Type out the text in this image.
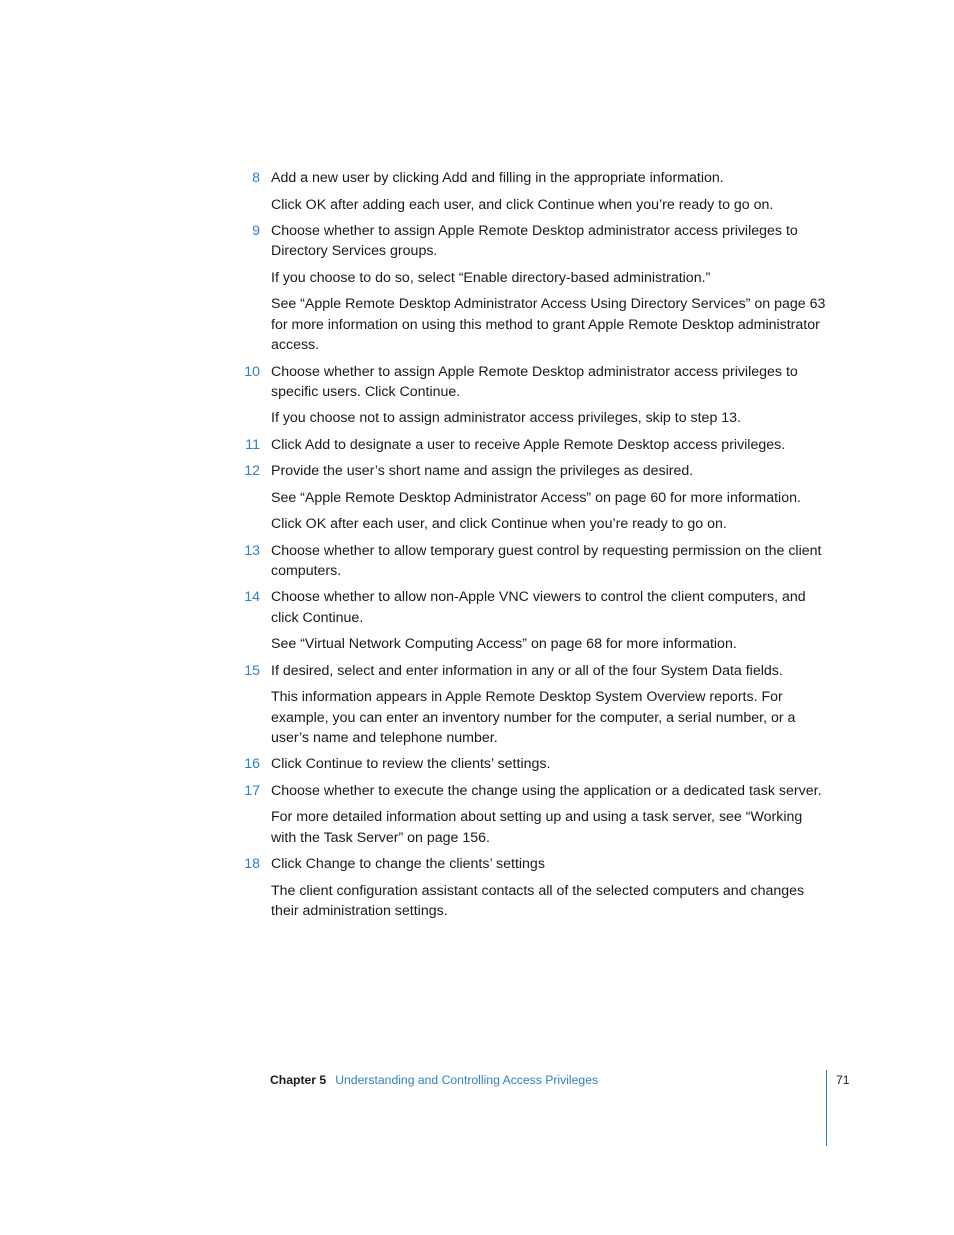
8 Add a new user by clicking Add and filling in the appropriate information.
Click OK after adding each user, and click Continue when you’re ready to go on.
9 Choose whether to assign Apple Remote Desktop administrator access privileges to Directory Services groups.
If you choose to do so, select “Enable directory-based administration.”
See “Apple Remote Desktop Administrator Access Using Directory Services” on page 63 for more information on using this method to grant Apple Remote Desktop administrator access.
10 Choose whether to assign Apple Remote Desktop administrator access privileges to specific users. Click Continue.
If you choose not to assign administrator access privileges, skip to step 13.
11 Click Add to designate a user to receive Apple Remote Desktop access privileges.
12 Provide the user’s short name and assign the privileges as desired.
See “Apple Remote Desktop Administrator Access” on page 60 for more information.
Click OK after each user, and click Continue when you’re ready to go on.
13 Choose whether to allow temporary guest control by requesting permission on the client computers.
14 Choose whether to allow non-Apple VNC viewers to control the client computers, and click Continue.
See “Virtual Network Computing Access” on page 68 for more information.
15 If desired, select and enter information in any or all of the four System Data fields.
This information appears in Apple Remote Desktop System Overview reports. For example, you can enter an inventory number for the computer, a serial number, or a user’s name and telephone number.
16 Click Continue to review the clients’ settings.
17 Choose whether to execute the change using the application or a dedicated task server.
For more detailed information about setting up and using a task server, see “Working with the Task Server” on page 156.
18 Click Change to change the clients’ settings
The client configuration assistant contacts all of the selected computers and changes their administration settings.
Chapter 5 Understanding and Controlling Access Privileges	71
